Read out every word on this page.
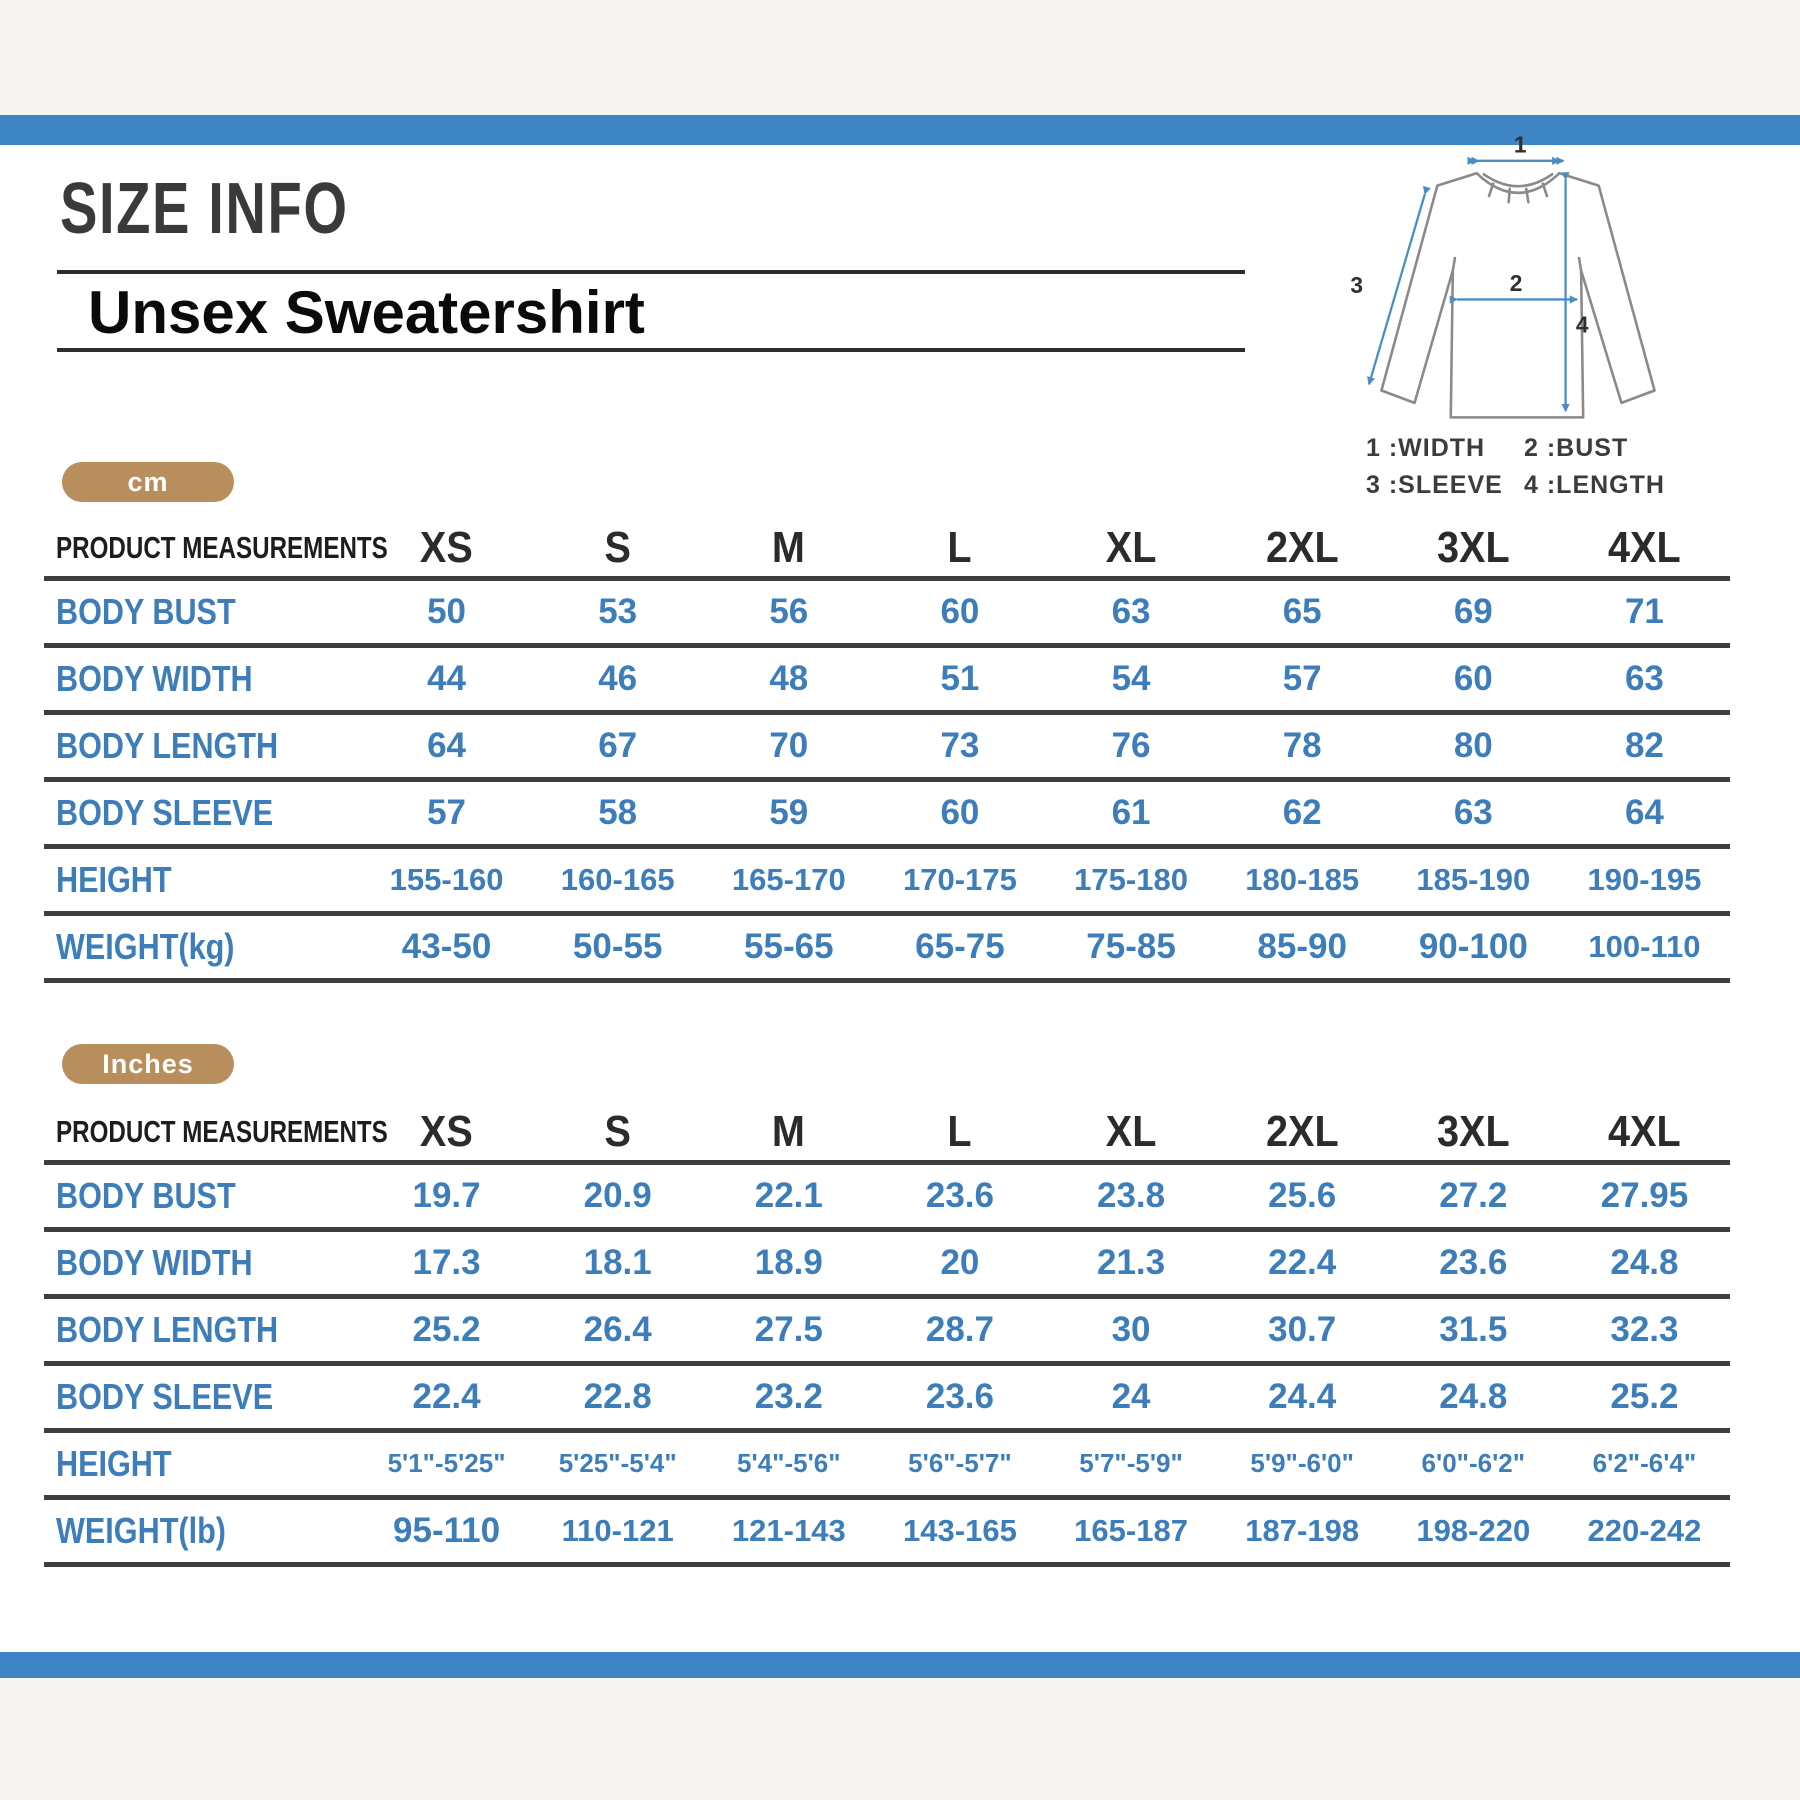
SIZE INFO
Unsex Sweatershirt
1
2
3
4
1 :WIDTH	2 :BUST
3 :SLEEVE 4 :LENGTH
cm
PRODUCT MEASUREMENTS	XS	S	M	L	XL	2XL	3XL	4XL
BODY BUST	50	53	56	60	63	65	69	71
BODY WIDTH	44	46	48	51	54	57	60	63
BODY LENGTH	64	67	70	73	76	78	80	82
BODY SLEEVE	57	58	59	60	61	62	63	64
HEIGHT	155-160	160-165	165-170	170-175	175-180	180-185	185-190	190-195
WEIGHT(kg)	43-50	50-55	55-65	65-75	75-85	85-90	90-100	100-110
Inches
PRODUCT MEASUREMENTS	XS	S	M	L	XL	2XL	3XL	4XL
BODY BUST	19.7	20.9	22.1	23.6	23.8	25.6	27.2	27.95
BODY WIDTH	17.3	18.1	18.9	20	21.3	22.4	23.6	24.8
BODY LENGTH	25.2	26.4	27.5	28.7	30	30.7	31.5	32.3
BODY SLEEVE	22.4	22.8	23.2	23.6	24	24.4	24.8	25.2
HEIGHT	5'1"-5'25"	5'25"-5'4"	5'4"-5'6"	5'6"-5'7"	5'7"-5'9"	5'9"-6'0"	6'0"-6'2"	6'2"-6'4"
WEIGHT(lb)	95-110	110-121	121-143	143-165	165-187	187-198	198-220	220-242
